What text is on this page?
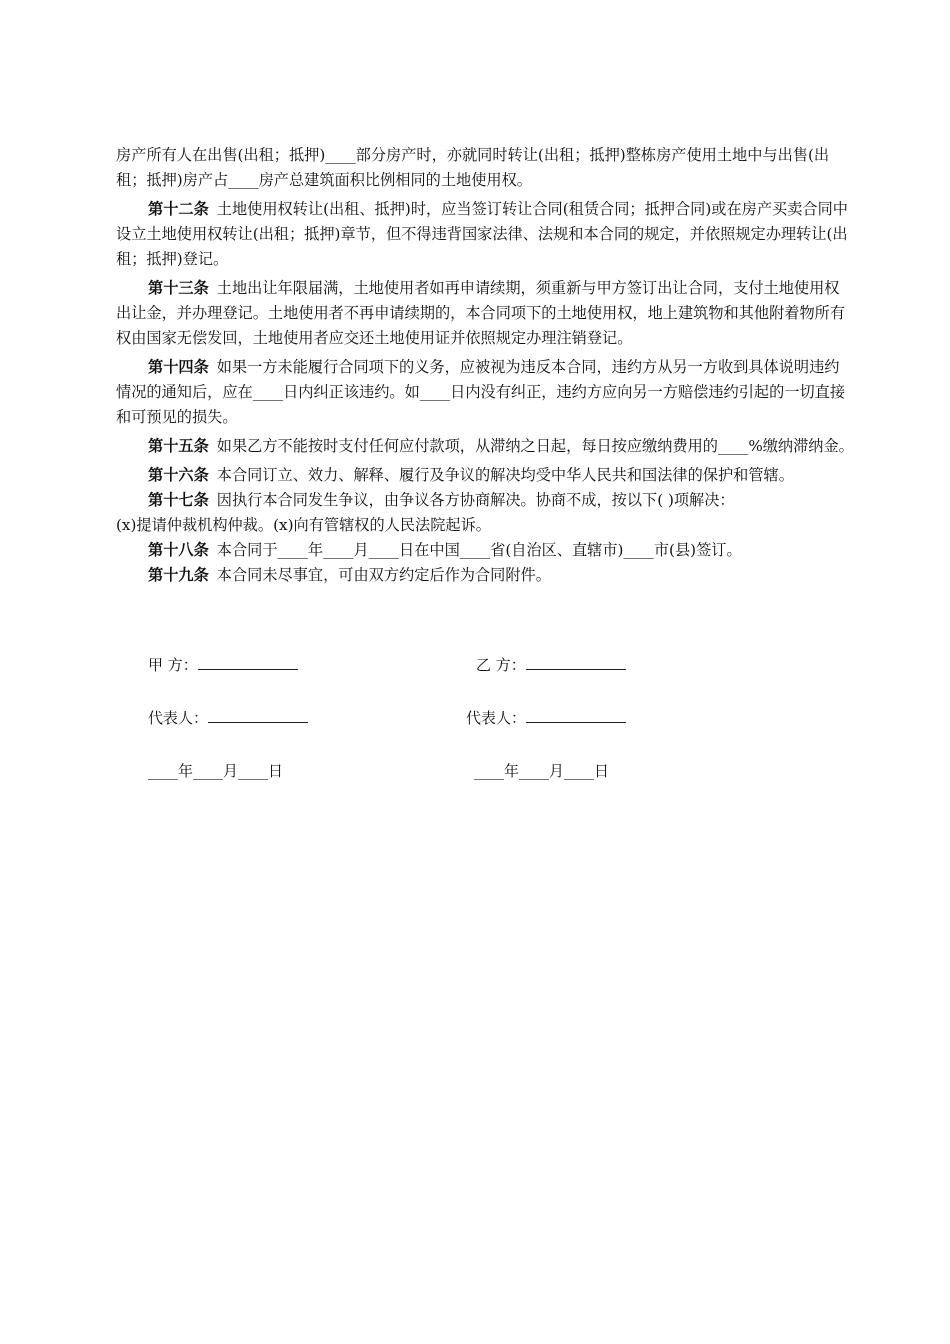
房产所有人在出售(出租；抵押)____部分房产时，亦就同时转让(出租；抵押)整栋房产使用土地中与出售(出租；抵押)房产占____房产总建筑面积比例相同的土地使用权。

第十二条 土地使用权转让(出租、抵押)时，应当签订转让合同(租赁合同；抵押合同)或在房产买卖合同中设立土地使用权转让(出租；抵押)章节，但不得违背国家法律、法规和本合同的规定，并依照规定办理转让(出租；抵押)登记。

第十三条 土地出让年限届满，土地使用者如再申请续期，须重新与甲方签订出让合同，支付土地使用权出让金，并办理登记。土地使用者不再申请续期的，本合同项下的土地使用权，地上建筑物和其他附着物所有权由国家无偿发回，土地使用者应交还土地使用证并依照规定办理注销登记。

第十四条 如果一方未能履行合同项下的义务，应被视为违反本合同，违约方从另一方收到具体说明违约情况的通知后，应在____日内纠正该违约。如____日内没有纠正，违约方应向另一方赔偿违约引起的一切直接和可预见的损失。

第十五条 如果乙方不能按时支付任何应付款项，从滞纳之日起，每日按应缴纳费用的____%缴纳滞纳金。

第十六条 本合同订立、效力、解释、履行及争议的解决均受中华人民共和国法律的保护和管辖。

第十七条 因执行本合同发生争议，由争议各方协商解决。协商不成，按以下( )项解决：

(x)提请仲裁机构仲裁。(x)向有管辖权的人民法院起诉。

第十八条 本合同于____年____月____日在中国____省(自治区、直辖市)____市(县)签订。

第十九条 本合同未尽事宜，可由双方约定后作为合同附件。

甲 方：
代表人：
____年____月____日
乙 方：
代表人：
____年____月____日
